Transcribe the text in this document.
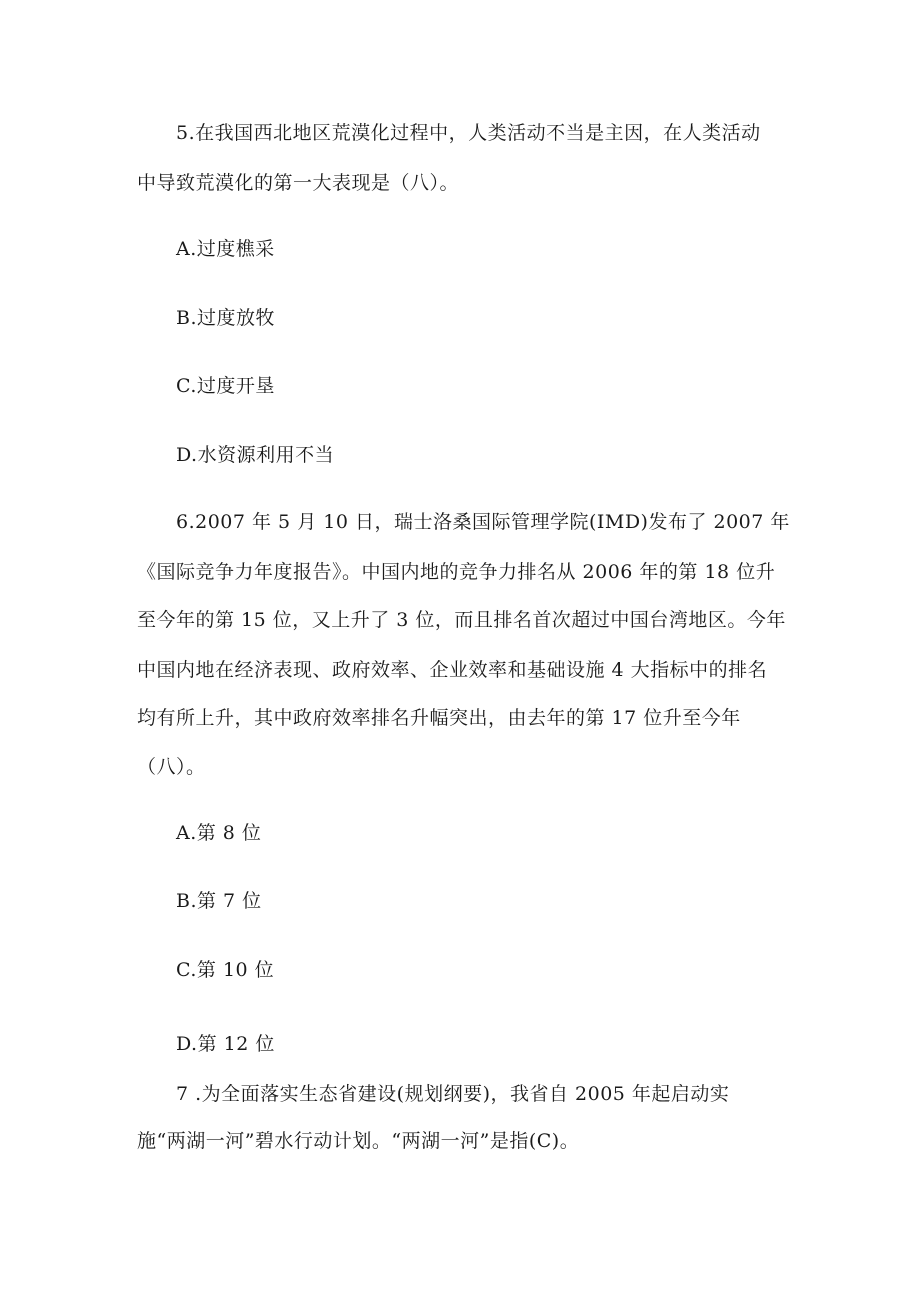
5.在我国西北地区荒漠化过程中，人类活动不当是主因，在人类活动
中导致荒漠化的第一大表现是（八）。
A.过度樵采
B.过度放牧
C.过度开垦
D.水资源利用不当
6.2007 年 5 月 10 日，瑞士洛桑国际管理学院(IMD)发布了 2007 年
《国际竞争力年度报告》。中国内地的竞争力排名从 2006 年的第 18 位升
至今年的第 15 位，又上升了 3 位，而且排名首次超过中国台湾地区。今年
中国内地在经济表现、政府效率、企业效率和基础设施 4 大指标中的排名
均有所上升，其中政府效率排名升幅突出，由去年的第 17 位升至今年
（八）。
A.第 8 位
B.第 7 位
C.第 10 位
D.第 12 位
7 .为全面落实生态省建设(规划纲要)，我省自 2005 年起启动实
施“两湖一河”碧水行动计划。“两湖一河”是指(C)。
